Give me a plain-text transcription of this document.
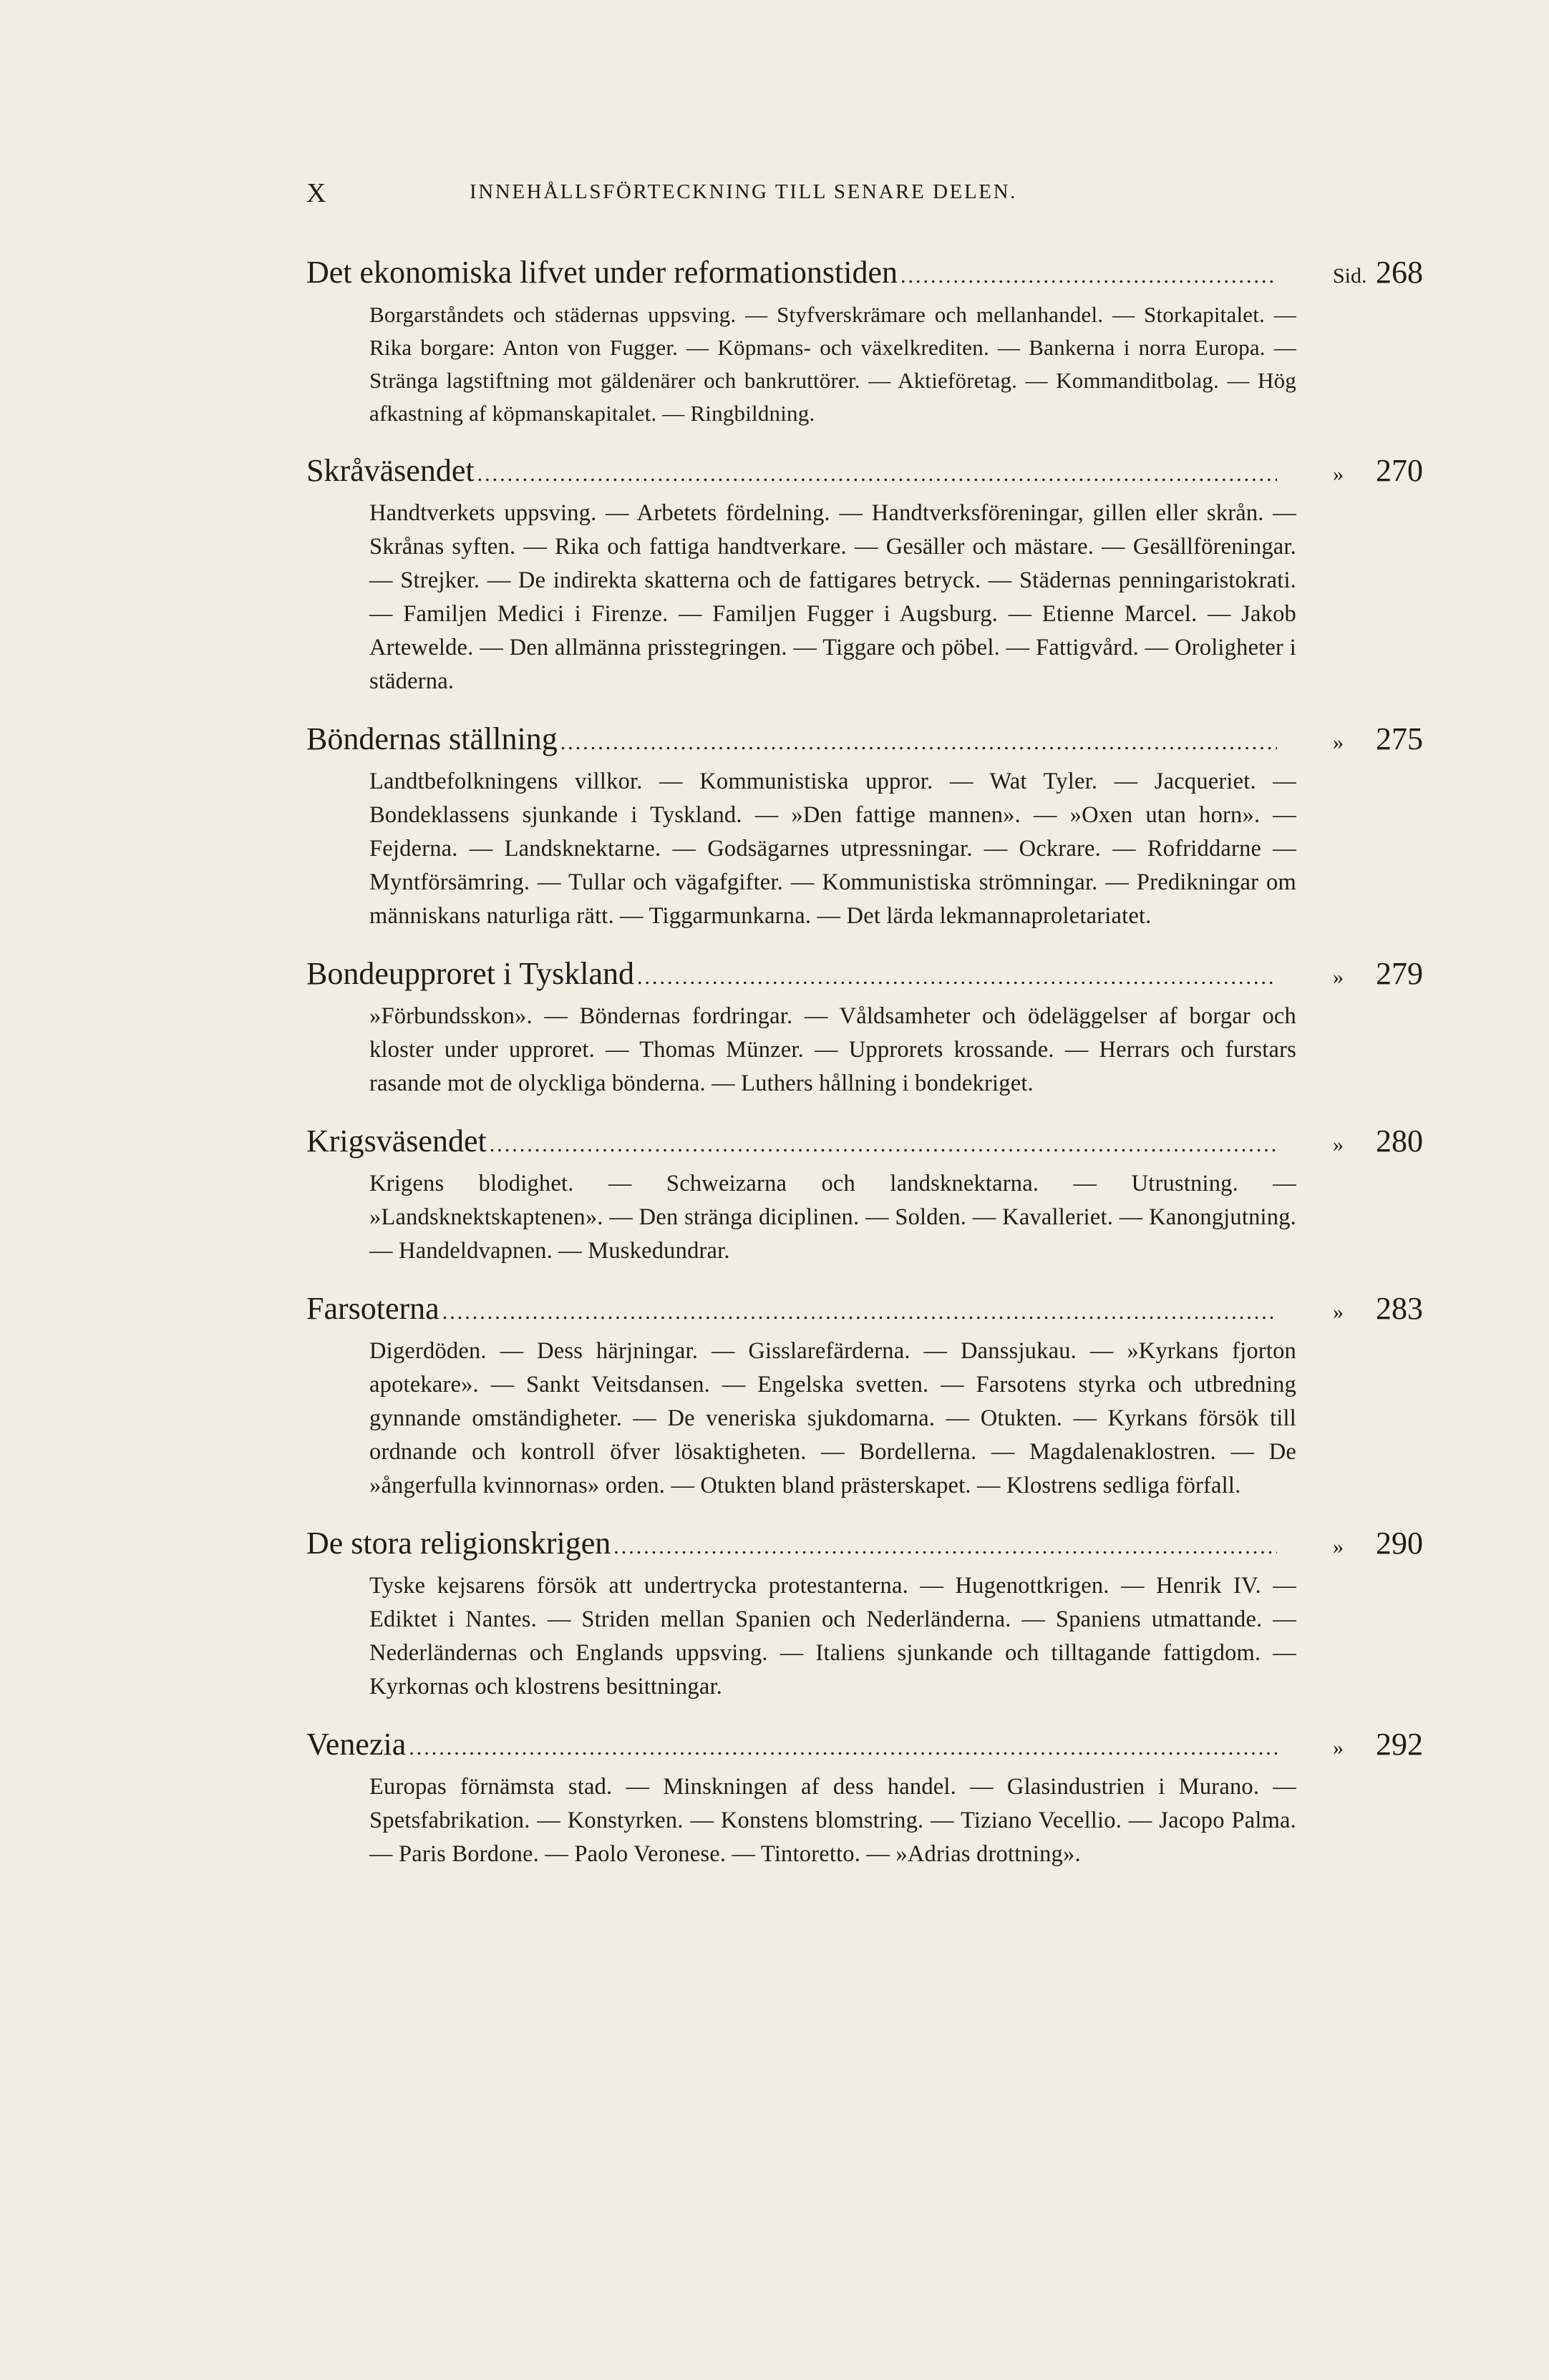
X	INNEHÅLLSFÖRTECKNING TILL SENARE DELEN.
Det ekonomiska lifvet under reformationstiden .....	Sid. 268
Borgarståndets och städernas uppsving. — Styfverskrämare och mellanhandel. — Storkapitalet. — Rika borgare: Anton von Fugger. — Köpmans- och växelkrediten. — Bankerna i norra Europa. — Stränga lagstiftning mot gäldenärer och bankruttörer. — Aktieföretag. — Kommanditbolag. — Hög afkastning af köpmanskapitalet. — Ringbildning.
Skråväsendet .....	» 270
Handtverkets uppsving. — Arbetets fördelning. — Handtverksföreningar, gillen eller skrån. — Skrånas syften. — Rika och fattiga handtverkare. — Gesäller och mästare. — Gesällföreningar. — Strejker. — De indirekta skatterna och de fattigares betryck. — Städernas penningaristokrati. — Familjen Medici i Firenze. — Familjen Fugger i Augsburg. — Etienne Marcel. — Jakob Artewelde. — Den allmänna prisstegringen. — Tiggare och pöbel. — Fattigvård. — Oroligheter i städerna.
Böndernas ställning .....	» 275
Landtbefolkningens villkor. — Kommunistiska uppror. — Wat Tyler. — Jacqueriet. — Bondeklassens sjunkande i Tyskland. — »Den fattige mannen». — »Oxen utan horn». — Fejderna. — Landsknektarne. — Godsägarnes utpressningar. — Ockrare. — Rofriddarne — Myntförsämring. — Tullar och vägafgifter. — Kommunistiska strömningar. — Predikningar om människans naturliga rätt. — Tiggarmunkarna. — Det lärda lekmannaproletariatet.
Bondeupproret i Tyskland .....	» 279
»Förbundsskon». — Böndernas fordringar. — Våldsamheter och ödeläggelser af borgar och kloster under upproret. — Thomas Münzer. — Upprorets krossande. — Herrars och furstars rasande mot de olyckliga bönderna. — Luthers hållning i bondekriget.
Krigsväsendet .....	» 280
Krigens blodighet. — Schweizarna och landsknektarna. — Utrustning. — »Landsknektskaptenen». — Den stränga diciplinen. — Solden. — Kavalleriet. — Kanongjutning. — Handeldvapnen. — Muskedundrar.
Farsoterna .....	» 283
Digerdöden. — Dess härjningar. — Gisslarefärderna. — Danssjukau. — »Kyrkans fjorton apotekare». — Sankt Veitsdansen. — Engelska svetten. — Farsotens styrka och utbredning gynnande omständigheter. — De veneriska sjukdomarna. — Otukten. — Kyrkans försök till ordnande och kontroll öfver lösaktigheten. — Bordellerna. — Magdalenaklostren. — De »ångerfulla kvinnornas» orden. — Otukten bland prästerskapet. — Klostrens sedliga förfall.
De stora religionskrigen .....	» 290
Tyske kejsarens försök att undertrycka protestanterna. — Hugenottkrigen. — Henrik IV. — Ediktet i Nantes. — Striden mellan Spanien och Nederländerna. — Spaniens utmattande. — Nederländernas och Englands uppsving. — Italiens sjunkande och tilltagande fattigdom. — Kyrkornas och klostrens besittningar.
Venezia .....	» 292
Europas förnämsta stad. — Minskningen af dess handel. — Glasindustrien i Murano. — Spetsfabrikation. — Konstyrken. — Konstens blomstring. — Tiziano Vecellio. — Jacopo Palma. — Paris Bordone. — Paolo Veronese. — Tintoretto. — »Adrias drottning».
